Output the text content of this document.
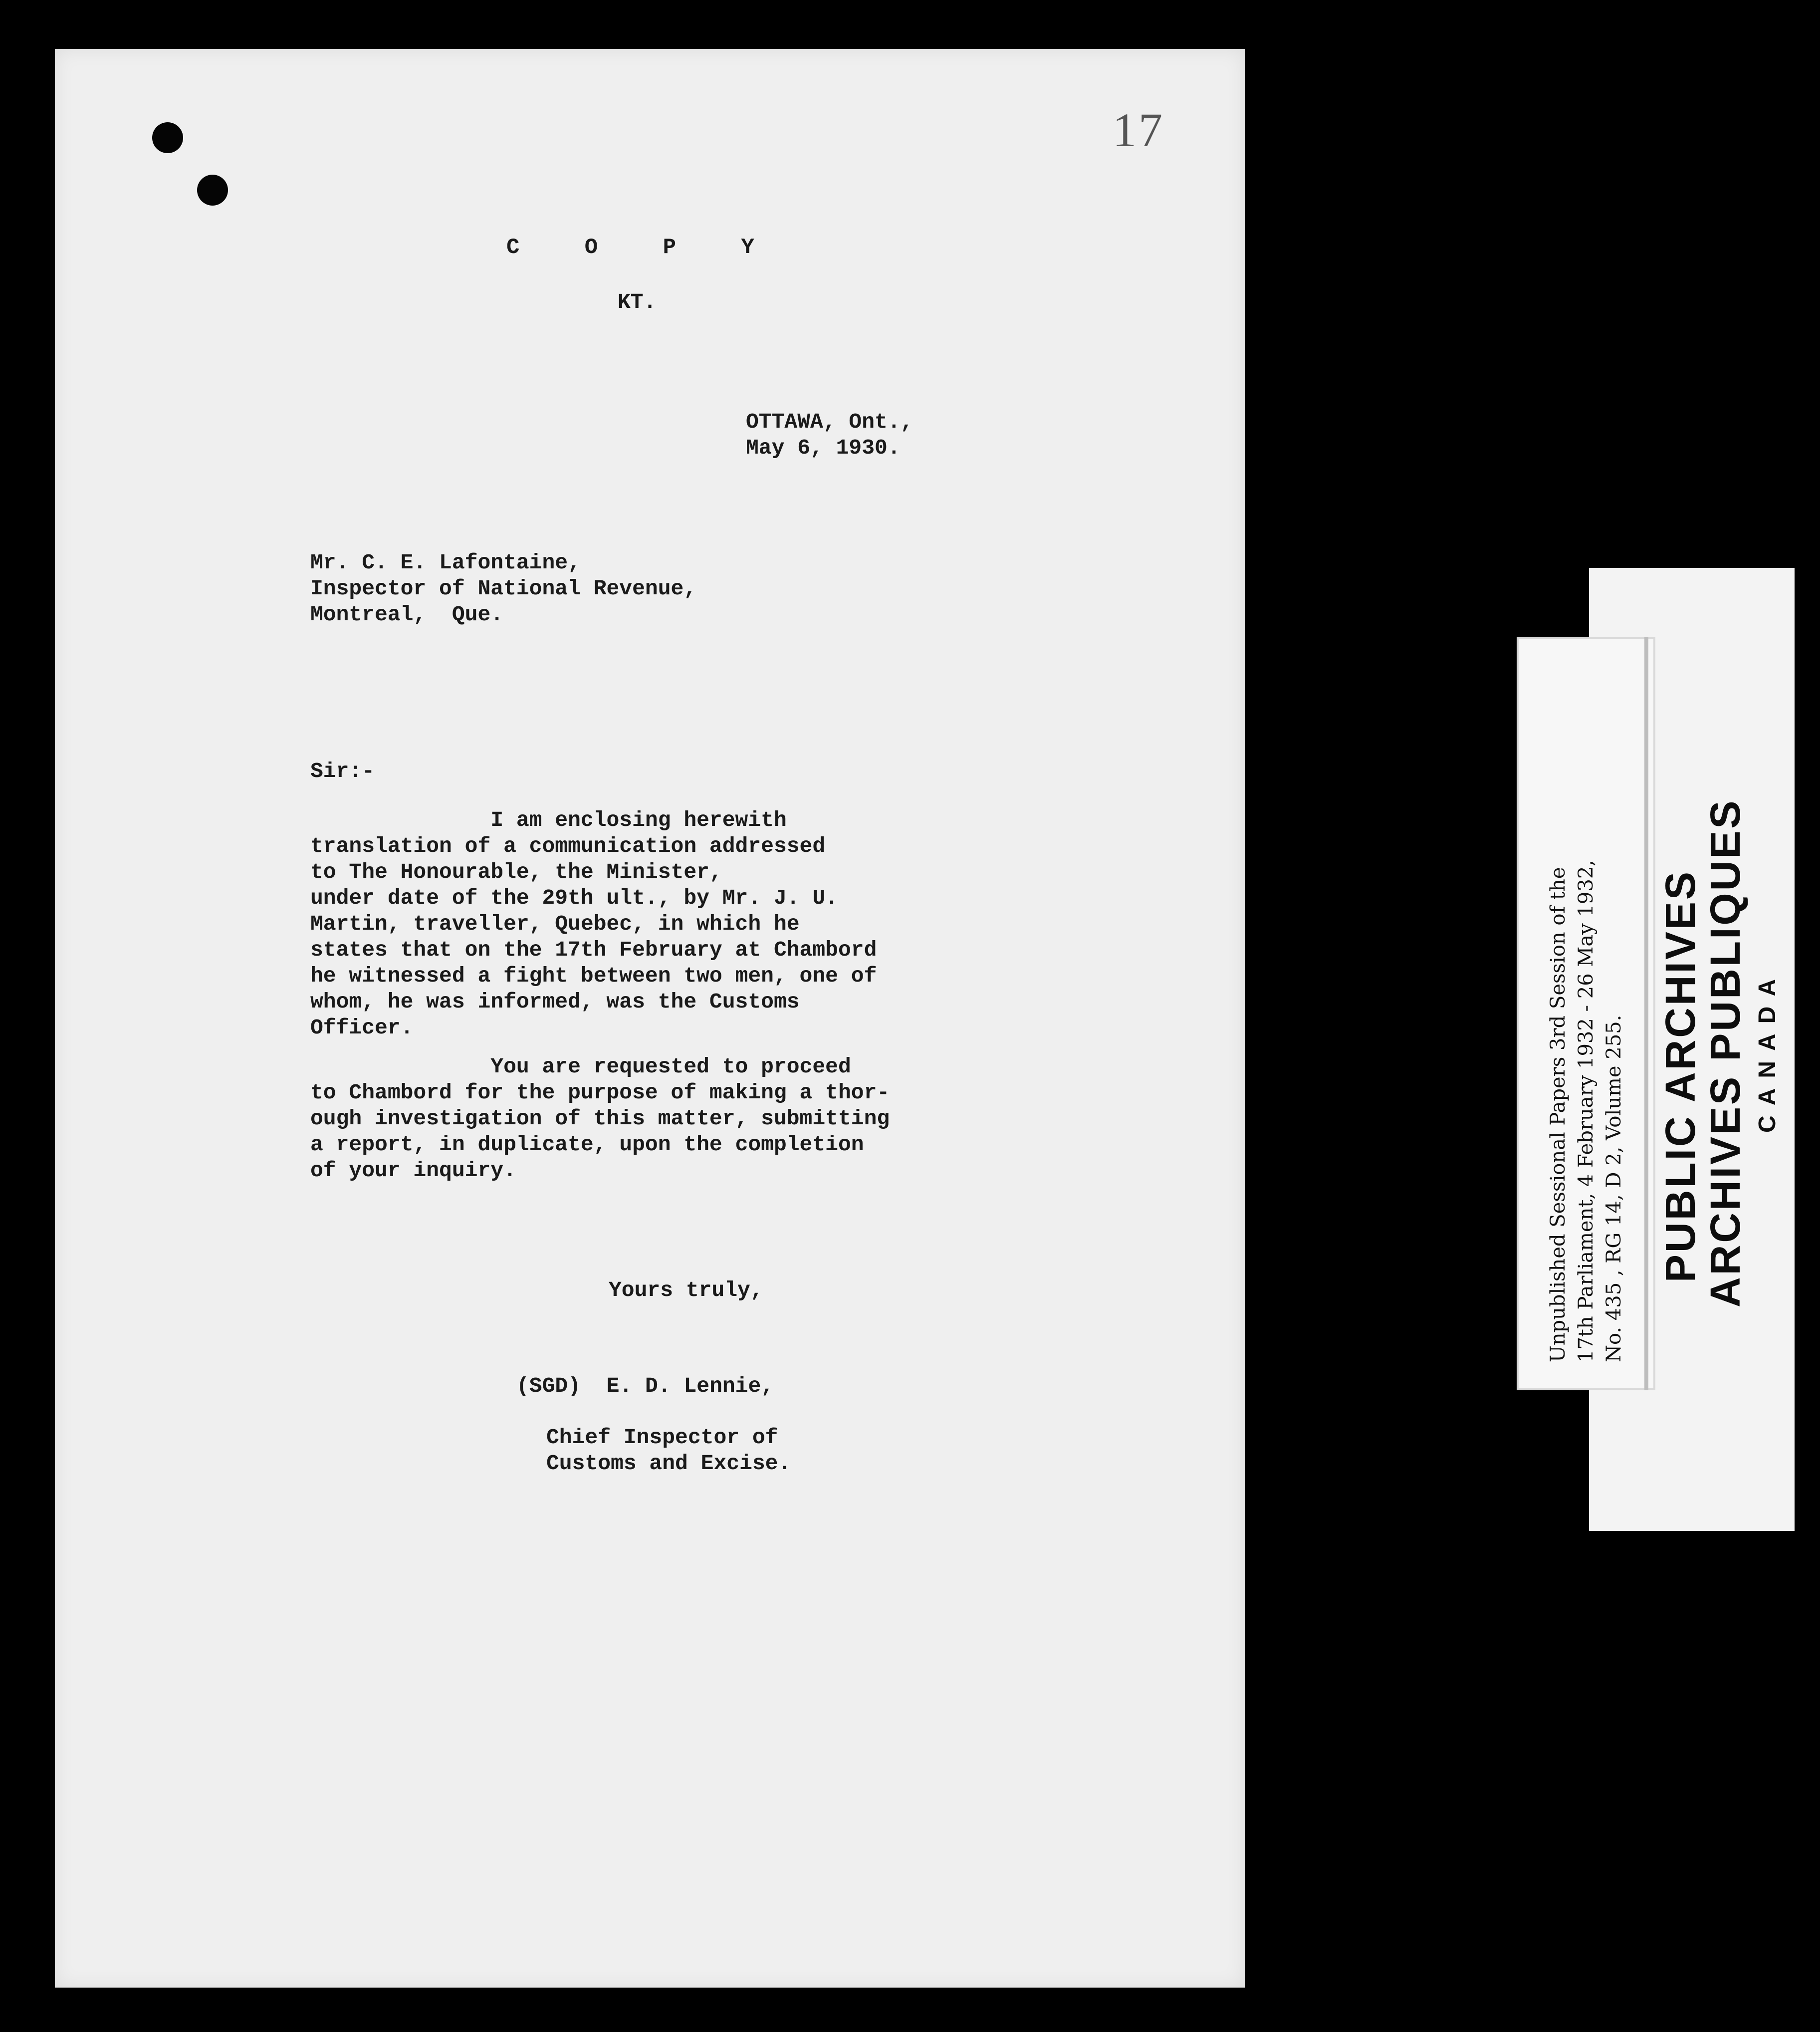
17
C O P Y
KT.
OTTAWA, Ont.,
May 6, 1930.
Mr. C. E. Lafontaine,
Inspector of National Revenue,
Montreal,  Que.
Sir:-
I am enclosing herewith
translation of a communication addressed
to The Honourable, the Minister,
under date of the 29th ult., by Mr. J. U.
Martin, traveller, Quebec, in which he
states that on the 17th February at Chambord
he witnessed a fight between two men, one of
whom, he was informed, was the Customs
Officer.
You are requested to proceed
to Chambord for the purpose of making a thor-
ough investigation of this matter, submitting
a report, in duplicate, upon the completion
of your inquiry.
Yours truly,
(SGD)  E. D. Lennie,
Chief Inspector of
Customs and Excise.
Unpublished Sessional Papers 3rd Session of the 17th Parliament, 4 February 1932 - 26 May 1932, No. 435 , RG 14, D 2, Volume 255. PUBLIC ARCHIVES
ARCHIVES PUBLIQUES CANADA
